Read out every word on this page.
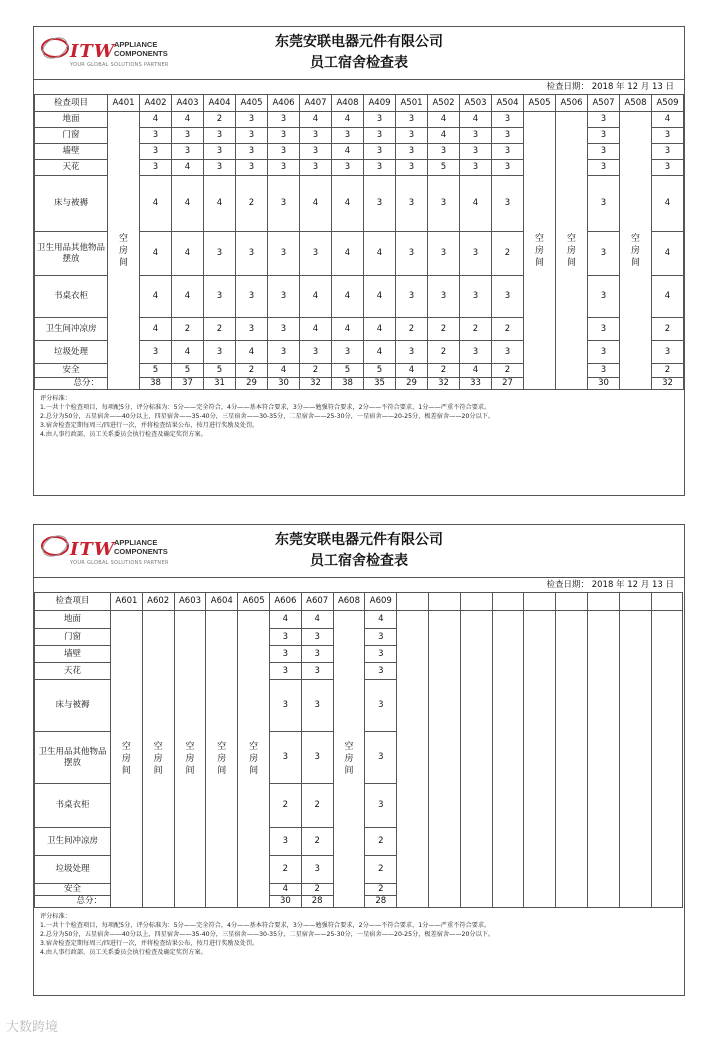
ITW
APPLIANCE
COMPONENTS
YOUR GLOBAL SOLUTIONS PARTNER
东莞安联电器元件有限公司
员工宿舍检查表
检查日期： 2018 年 12 月 13 日
检查项目	A401	A402	A403	A404	A405	A406	A407	A408	A409	A501	A502	A503	A504	A505	A506	A507	A508	A509
地面	空房间	4	4	2	3	3	4	4	3	3	4	4	3	空房间	空房间	3	空房间	4
门窗		3	3	3	3	3	3	3	3	3	4	3	3			3		3
墙壁		3	3	3	3	3	3	4	3	3	3	3	3			3		3
天花		3	4	3	3	3	3	3	3	3	5	3	3			3		3
床与被褥		4	4	4	2	3	4	4	3	3	3	4	3			3		4
卫生用品其他物品摆放		4	4	3	3	3	3	4	4	3	3	3	2			3		4
书桌衣柜		4	4	3	3	3	4	4	4	3	3	3	3			3		4
卫生间冲凉房		4	2	2	3	3	4	4	4	2	2	2	2			3		2
垃圾处理		3	4	3	4	3	3	3	4	3	2	3	3			3		3
安全		5	5	5	2	4	2	5	5	4	2	4	2			3		2
总分：		38	37	31	29	30	32	38	35	29	32	33	27			30		32
评分标准：
1.一共十个检查项目，每项配5分，评分标准为：5分——完全符合，4分——基本符合要求，3分——勉强符合要求，2分——不符合要求，1分——严重不符合要求。
2.总分为50分，五星宿舍——40分以上，四星宿舍——35-40分，三星宿舍——30-35分，二星宿舍——25-30分，一星宿舍——20-25分，极差宿舍——20分以下。
3.宿舍检查定期每周三/四进行一次，并将检查结果公布，按月进行奖励及处罚。
4.由人事行政部、员工关系委员会执行检查及确定奖罚方案。
ITW
APPLIANCE
COMPONENTS
YOUR GLOBAL SOLUTIONS PARTNER
东莞安联电器元件有限公司
员工宿舍检查表
检查日期： 2018 年 12 月 13 日
检查项目	A601	A602	A603	A604	A605	A606	A607	A608	A609									
地面	空房间	空房间	空房间	空房间	空房间	4	4	空房间	4									
门窗						3	3		3									
墙壁						3	3		3									
天花						3	3		3									
床与被褥						3	3		3									
卫生用品其他物品摆放						3	3		3									
书桌衣柜						2	2		3									
卫生间冲凉房						3	2		2									
垃圾处理						2	3		2									
安全						4	2		2									
总分：						30	28		28									
评分标准：
1.一共十个检查项目，每项配5分，评分标准为：5分——完全符合，4分——基本符合要求，3分——勉强符合要求，2分——不符合要求，1分——严重不符合要求。
2.总分为50分，五星宿舍——40分以上，四星宿舍——35-40分，三星宿舍——30-35分，二星宿舍——25-30分，一星宿舍——20-25分，极差宿舍——20分以下。
3.宿舍检查定期每周三/四进行一次，并将检查结果公布，按月进行奖励及处罚。
4.由人事行政部、员工关系委员会执行检查及确定奖罚方案。
大数跨境
